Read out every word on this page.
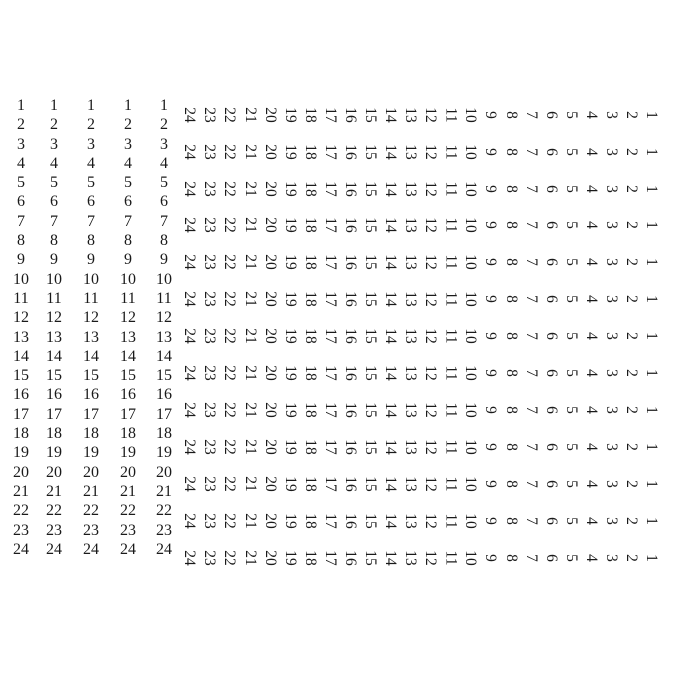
1
2
3
4
5
6
7
8
9
10
11
12
13
14
15
16
17
18
19
20
21
22
23
24
1
2
3
4
5
6
7
8
9
10
11
12
13
14
15
16
17
18
19
20
21
22
23
24
1
2
3
4
5
6
7
8
9
10
11
12
13
14
15
16
17
18
19
20
21
22
23
24
1
2
3
4
5
6
7
8
9
10
11
12
13
14
15
16
17
18
19
20
21
22
23
24
1
2
3
4
5
6
7
8
9
10
11
12
13
14
15
16
17
18
19
20
21
22
23
24
24 23 22 21 20 19 18 17 16 15 14 13 12 11 10 9 8 7 6 5 4 3 2 1
24 23 22 21 20 19 18 17 16 15 14 13 12 11 10 9 8 7 6 5 4 3 2 1
24 23 22 21 20 19 18 17 16 15 14 13 12 11 10 9 8 7 6 5 4 3 2 1
24 23 22 21 20 19 18 17 16 15 14 13 12 11 10 9 8 7 6 5 4 3 2 1
24 23 22 21 20 19 18 17 16 15 14 13 12 11 10 9 8 7 6 5 4 3 2 1
24 23 22 21 20 19 18 17 16 15 14 13 12 11 10 9 8 7 6 5 4 3 2 1
24 23 22 21 20 19 18 17 16 15 14 13 12 11 10 9 8 7 6 5 4 3 2 1
24 23 22 21 20 19 18 17 16 15 14 13 12 11 10 9 8 7 6 5 4 3 2 1
24 23 22 21 20 19 18 17 16 15 14 13 12 11 10 9 8 7 6 5 4 3 2 1
24 23 22 21 20 19 18 17 16 15 14 13 12 11 10 9 8 7 6 5 4 3 2 1
24 23 22 21 20 19 18 17 16 15 14 13 12 11 10 9 8 7 6 5 4 3 2 1
24 23 22 21 20 19 18 17 16 15 14 13 12 11 10 9 8 7 6 5 4 3 2 1
24 23 22 21 20 19 18 17 16 15 14 13 12 11 10 9 8 7 6 5 4 3 2 1
